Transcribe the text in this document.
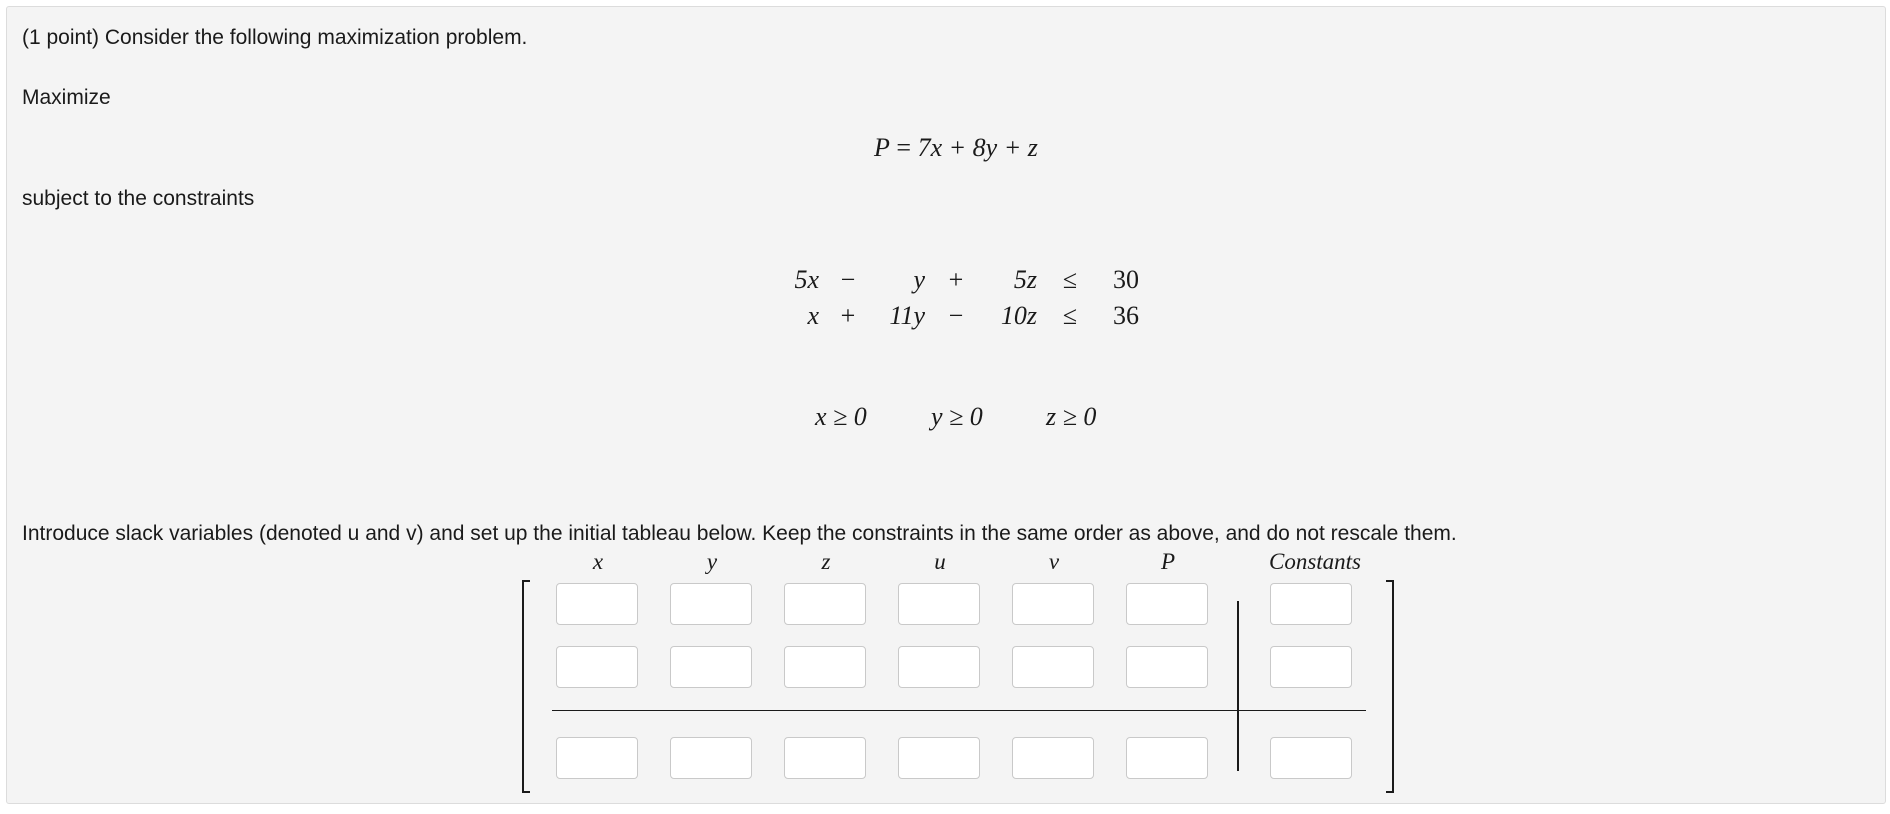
(1 point) Consider the following maximization problem.
Maximize
P = 7x + 8y + z
subject to the constraints
5x −	y +	5z ≤	30
x +	11y −	10z ≤	36
x ≥ 0 y ≥ 0 z ≥ 0
Introduce slack variables (denoted u and v) and set up the initial tableau below. Keep the constraints in the same order as above, and do not rescale them.
x	y	z	u	v	P	Constants
